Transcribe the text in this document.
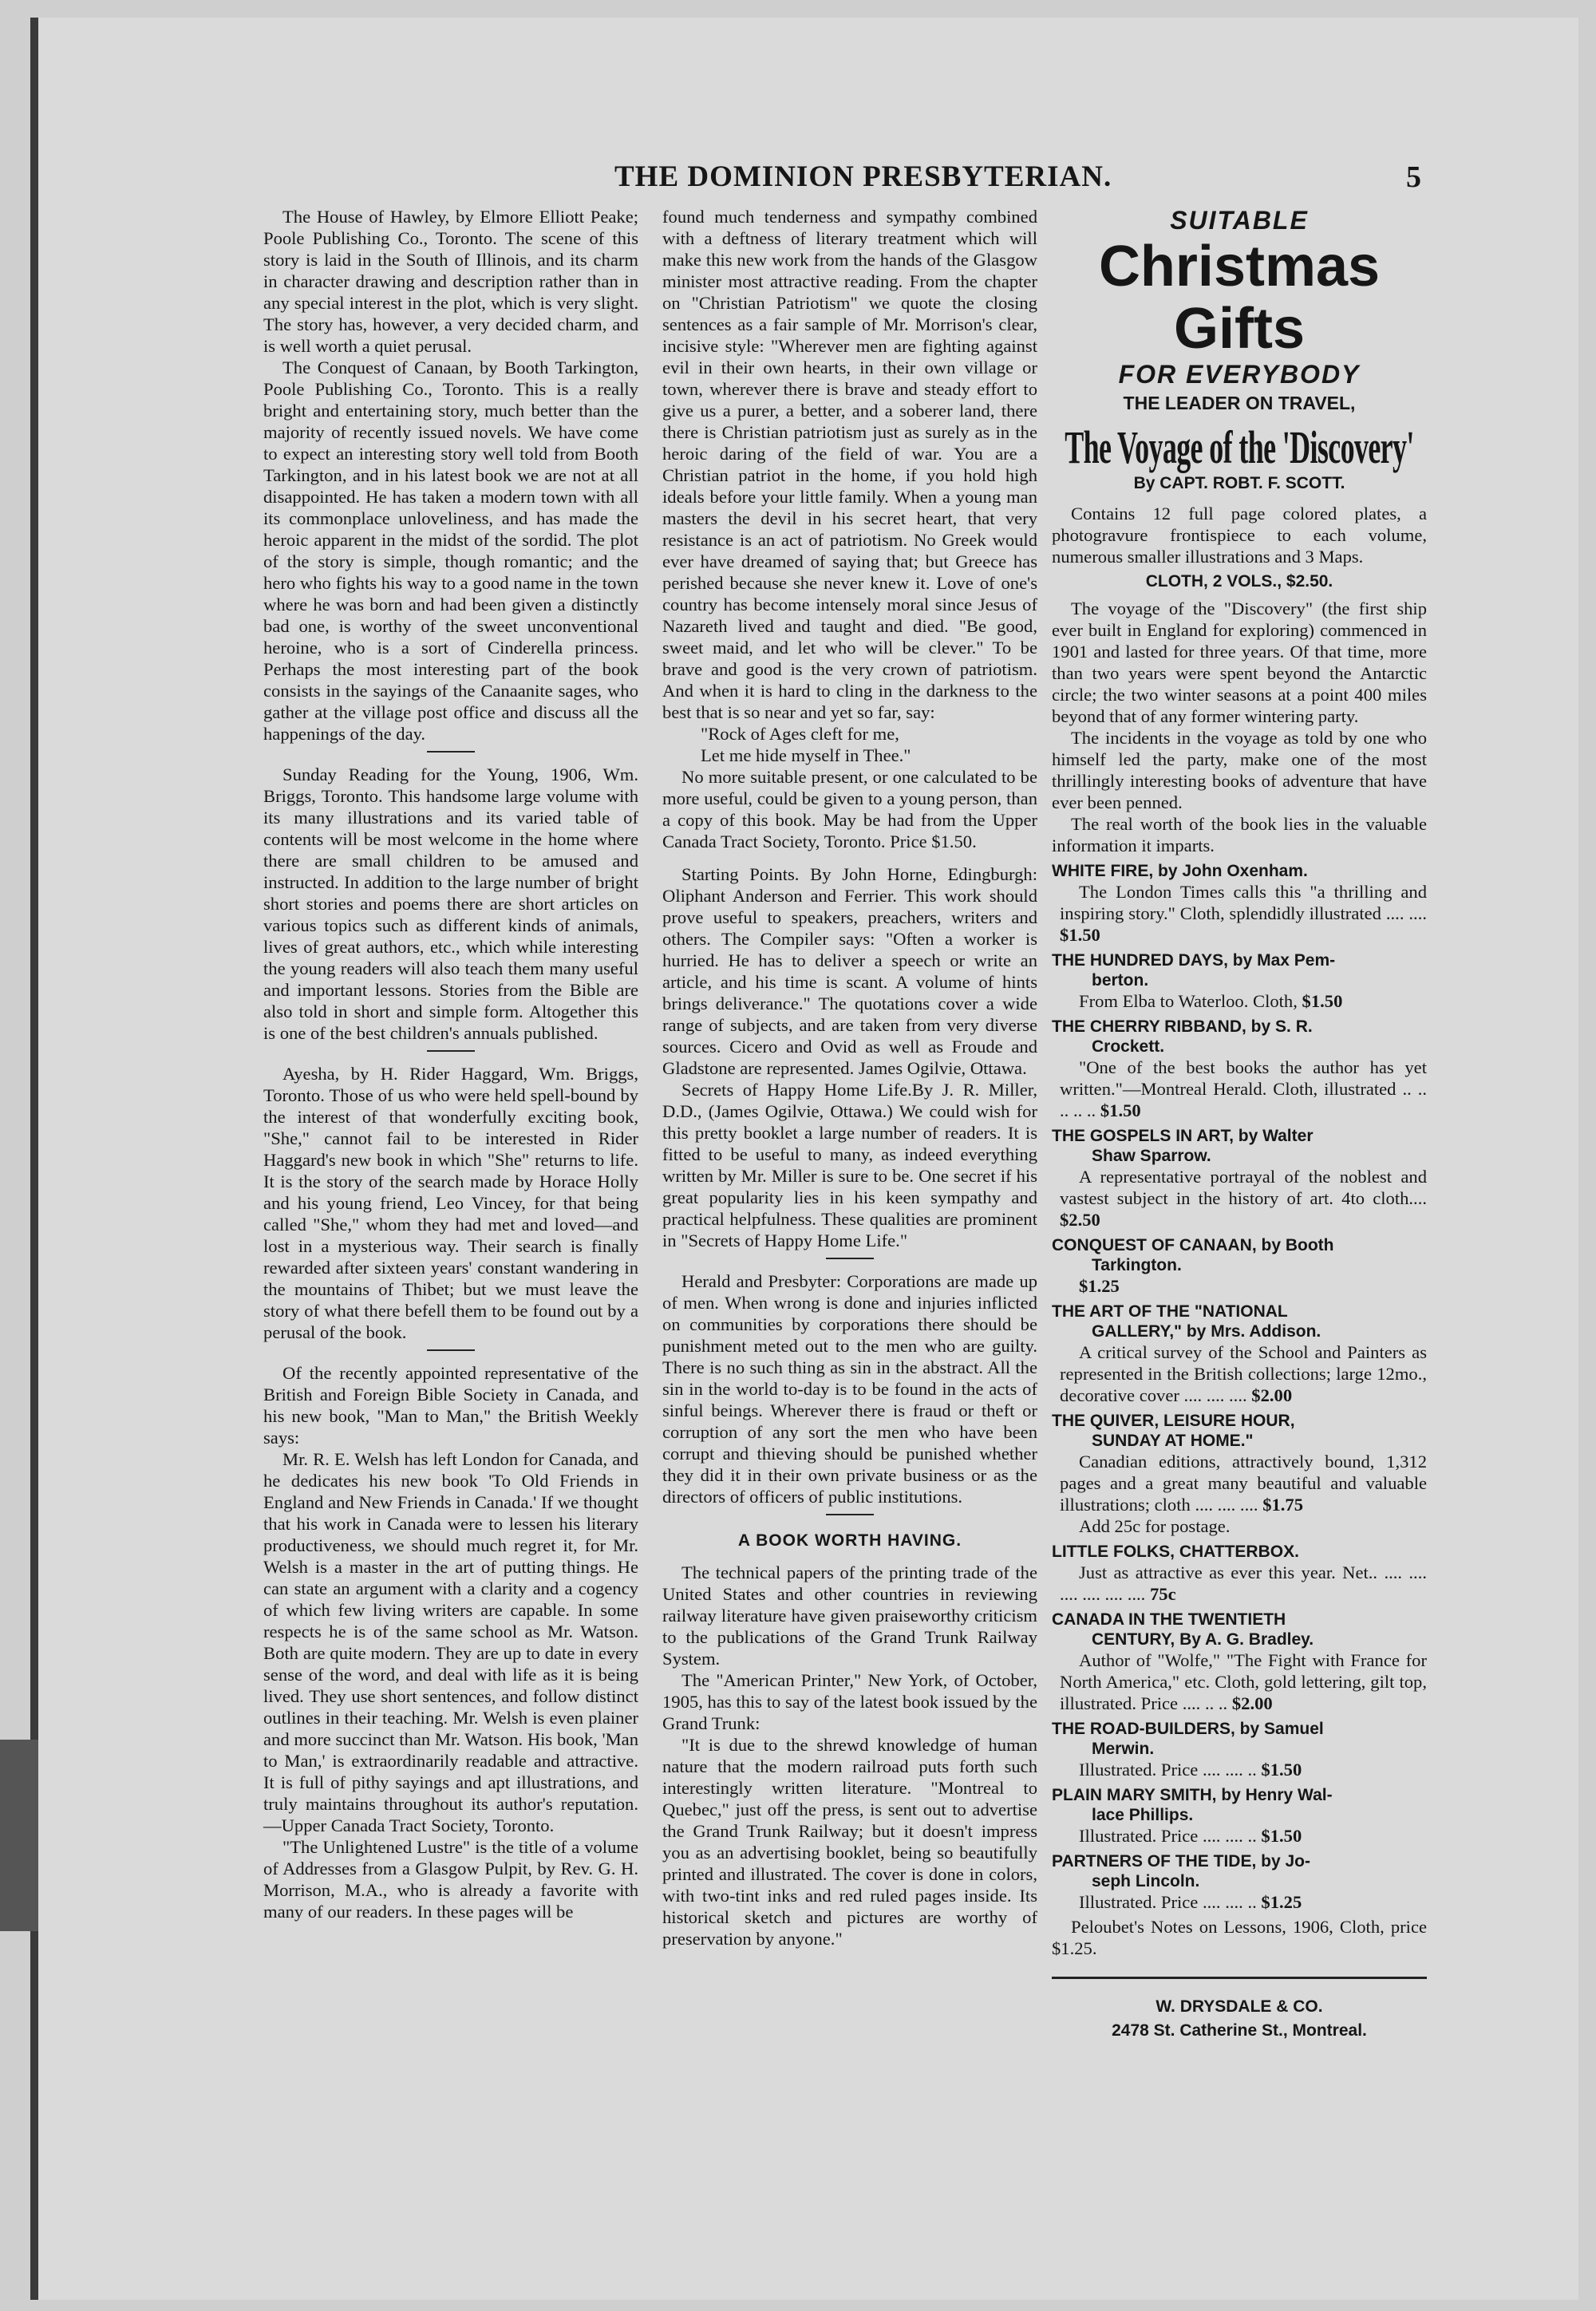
THE DOMINION PRESBYTERIAN.	5

The House of Hawley, by Elmore Elliott Peake; Poole Publishing Co., Toronto. The scene of this story is laid in the South of Illinois, and its charm in character drawing and description rather than in any special interest in the plot, which is very slight. The story has, however, a very decided charm, and is well worth a quiet perusal.

The Conquest of Canaan, by Booth Tarkington, Poole Publishing Co., Toronto. This is a really bright and entertaining story, much better than the majority of recently issued novels. We have come to expect an interesting story well told from Booth Tarkington, and in his latest book we are not at all disappointed. He has taken a modern town with all its commonplace unloveliness, and has made the heroic apparent in the midst of the sordid. The plot of the story is simple, though romantic; and the hero who fights his way to a good name in the town where he was born and had been given a distinctly bad one, is worthy of the sweet unconventional heroine, who is a sort of Cinderella princess. Perhaps the most interesting part of the book consists in the sayings of the Canaanite sages, who gather at the village post office and discuss all the happenings of the day.

Sunday Reading for the Young, 1906, Wm. Briggs, Toronto. This handsome large volume with its many illustrations and its varied table of contents will be most welcome in the home where there are small children to be amused and instructed. In addition to the large number of bright short stories and poems there are short articles on various topics such as different kinds of animals, lives of great authors, etc., which while interesting the young readers will also teach them many useful and important lessons. Stories from the Bible are also told in short and simple form. Altogether this is one of the best children's annuals published.

Ayesha, by H. Rider Haggard, Wm. Briggs, Toronto. Those of us who were held spell-bound by the interest of that wonderfully exciting book, "She," cannot fail to be interested in Rider Haggard's new book in which "She" returns to life. It is the story of the search made by Horace Holly and his young friend, Leo Vincey, for that being called "She," whom they had met and loved—and lost in a mysterious way. Their search is finally rewarded after sixteen years' constant wandering in the mountains of Thibet; but we must leave the story of what there befell them to be found out by a perusal of the book.

Of the recently appointed representative of the British and Foreign Bible Society in Canada, and his new book, "Man to Man," the British Weekly says:

Mr. R. E. Welsh has left London for Canada, and he dedicates his new book 'To Old Friends in England and New Friends in Canada.' If we thought that his work in Canada were to lessen his literary productiveness, we should much regret it, for Mr. Welsh is a master in the art of putting things. He can state an argument with a clarity and a cogency of which few living writers are capable. In some respects he is of the same school as Mr. Watson. Both are quite modern. They are up to date in every sense of the word, and deal with life as it is being lived. They use short sentences, and follow distinct outlines in their teaching. Mr. Welsh is even plainer and more succinct than Mr. Watson. His book, 'Man to Man,' is extraordinarily readable and attractive. It is full of pithy sayings and apt illustrations, and truly maintains throughout its author's reputation. —Upper Canada Tract Society, Toronto.

"The Unlightened Lustre" is the title of a volume of Addresses from a Glasgow Pulpit, by Rev. G. H. Morrison, M.A., who is already a favorite with many of our readers. In these pages will be

found much tenderness and sympathy combined with a deftness of literary treatment which will make this new work from the hands of the Glasgow minister most attractive reading. From the chapter on "Christian Patriotism" we quote the closing sentences as a fair sample of Mr. Morrison's clear, incisive style: "Wherever men are fighting against evil in their own hearts, in their own village or town, wherever there is brave and steady effort to give us a purer, a better, and a soberer land, there there is Christian patriotism just as surely as in the heroic daring of the field of war. You are a Christian patriot in the home, if you hold high ideals before your little family. When a young man masters the devil in his secret heart, that very resistance is an act of patriotism. No Greek would ever have dreamed of saying that; but Greece has perished because she never knew it. Love of one's country has become intensely moral since Jesus of Nazareth lived and taught and died. "Be good, sweet maid, and let who will be clever." To be brave and good is the very crown of patriotism. And when it is hard to cling in the darkness to the best that is so near and yet so far, say:

"Rock of Ages cleft for me,

Let me hide myself in Thee."

No more suitable present, or one calculated to be more useful, could be given to a young person, than a copy of this book. May be had from the Upper Canada Tract Society, Toronto. Price $1.50.

Starting Points. By John Horne, Edingburgh: Oliphant Anderson and Ferrier. This work should prove useful to speakers, preachers, writers and others. The Compiler says: "Often a worker is hurried. He has to deliver a speech or write an article, and his time is scant. A volume of hints brings deliverance." The quotations cover a wide range of subjects, and are taken from very diverse sources. Cicero and Ovid as well as Froude and Gladstone are represented. James Ogilvie, Ottawa.

Secrets of Happy Home Life.By J. R. Miller, D.D., (James Ogilvie, Ottawa.) We could wish for this pretty booklet a large number of readers. It is fitted to be useful to many, as indeed everything written by Mr. Miller is sure to be. One secret if his great popularity lies in his keen sympathy and practical helpfulness. These qualities are prominent in "Secrets of Happy Home Life."

Herald and Presbyter: Corporations are made up of men. When wrong is done and injuries inflicted on communities by corporations there should be punishment meted out to the men who are guilty. There is no such thing as sin in the abstract. All the sin in the world to-day is to be found in the acts of sinful beings. Wherever there is fraud or theft or corruption of any sort the men who have been corrupt and thieving should be punished whether they did it in their own private business or as the directors of officers of public institutions.

A BOOK WORTH HAVING.

The technical papers of the printing trade of the United States and other countries in reviewing railway literature have given praiseworthy criticism to the publications of the Grand Trunk Railway System.

The "American Printer," New York, of October, 1905, has this to say of the latest book issued by the Grand Trunk:

"It is due to the shrewd knowledge of human nature that the modern railroad puts forth such interestingly written literature. "Montreal to Quebec," just off the press, is sent out to advertise the Grand Trunk Railway; but it doesn't impress you as an advertising booklet, being so beautifully printed and illustrated. The cover is done in colors, with two-tint inks and red ruled pages inside. Its historical sketch and pictures are worthy of preservation by anyone."

SUITABLE
Christmas
Gifts
FOR EVERYBODY
THE LEADER ON TRAVEL,
The Voyage of the 'Discovery'
By CAPT. ROBT. F. SCOTT.

Contains 12 full page colored plates, a photogravure frontispiece to each volume, numerous smaller illustrations and 3 Maps.

CLOTH, 2 VOLS., $2.50.

The voyage of the "Discovery" (the first ship ever built in England for exploring) commenced in 1901 and lasted for three years. Of that time, more than two years were spent beyond the Antarctic circle; the two winter seasons at a point 400 miles beyond that of any former wintering party.

The incidents in the voyage as told by one who himself led the party, make one of the most thrillingly interesting books of adventure that have ever been penned.

The real worth of the book lies in the valuable information it imparts.

WHITE FIRE, by John Oxenham.

The London Times calls this "a thrilling and inspiring story." Cloth, splendidly illustrated .... .... $1.50

THE HUNDRED DAYS, by Max Pem-
berton.

From Elba to Waterloo. Cloth, $1.50

THE CHERRY RIBBAND, by S. R.
Crockett.

"One of the best books the author has yet written."—Montreal Herald. Cloth, illustrated .. .. .. .. .. $1.50

THE GOSPELS IN ART, by Walter
Shaw Sparrow.

A representative portrayal of the noblest and vastest subject in the history of art. 4to cloth.... $2.50

CONQUEST OF CANAAN, by Booth
Tarkington.

$1.25

THE ART OF THE "NATIONAL
GALLERY," by Mrs. Addison.

A critical survey of the School and Painters as represented in the British collections; large 12mo., decorative cover .... .... .... $2.00

THE QUIVER, LEISURE HOUR,
SUNDAY AT HOME."

Canadian editions, attractively bound, 1,312 pages and a great many beautiful and valuable illustrations; cloth .... .... .... $1.75

Add 25c for postage.

LITTLE FOLKS, CHATTERBOX.

Just as attractive as ever this year. Net.. .... .... .... .... .... .... 75c

CANADA IN THE TWENTIETH
CENTURY, By A. G. Bradley.

Author of "Wolfe," "The Fight with France for North America," etc. Cloth, gold lettering, gilt top, illustrated. Price .... .. .. $2.00

THE ROAD-BUILDERS, by Samuel
Merwin.

Illustrated. Price .... .... .. $1.50

PLAIN MARY SMITH, by Henry Wal-
lace Phillips.

Illustrated. Price .... .... .. $1.50

PARTNERS OF THE TIDE, by Jo-
seph Lincoln.

Illustrated. Price .... .... .. $1.25

Peloubet's Notes on Lessons, 1906, Cloth, price $1.25.

W. DRYSDALE & CO.
2478 St. Catherine St., Montreal.
